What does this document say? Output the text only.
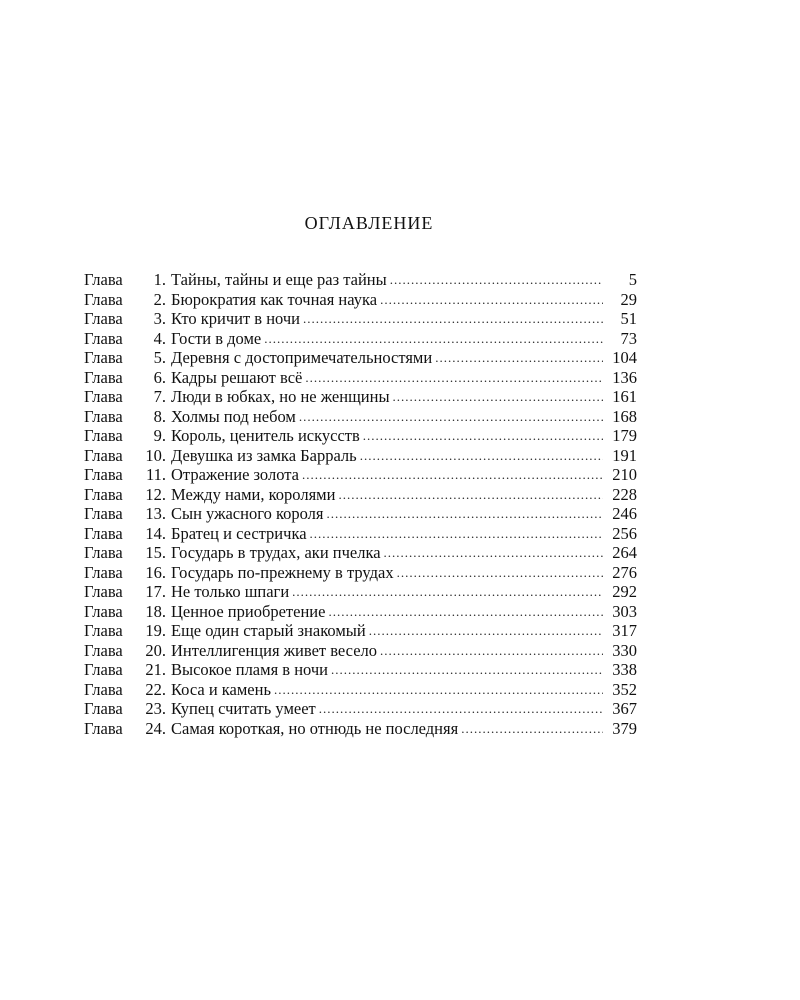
ОГЛАВЛЕНИЕ
Глава	1. Тайны, тайны и еще раз тайны .....	5
Глава	2. Бюрократия как точная наука .....	29
Глава	3. Кто кричит в ночи .....	51
Глава	4. Гости в доме .....	73
Глава	5. Деревня с достопримечательностями .....	104
Глава	6. Кадры решают всё .....	136
Глава	7. Люди в юбках, но не женщины .....	161
Глава	8. Холмы под небом .....	168
Глава	9. Король, ценитель искусств .....	179
Глава	10. Девушка из замка Барраль .....	191
Глава	11. Отражение золота .....	210
Глава	12. Между нами, королями .....	228
Глава	13. Сын ужасного короля .....	246
Глава	14. Братец и сестричка .....	256
Глава	15. Государь в трудах, аки пчелка .....	264
Глава	16. Государь по-прежнему в трудах .....	276
Глава	17. Не только шпаги .....	292
Глава	18. Ценное приобретение .....	303
Глава	19. Еще один старый знакомый .....	317
Глава	20. Интеллигенция живет весело .....	330
Глава	21. Высокое пламя в ночи .....	338
Глава	22. Коса и камень .....	352
Глава	23. Купец считать умеет .....	367
Глава	24. Самая короткая, но отнюдь не последняя .....	379
